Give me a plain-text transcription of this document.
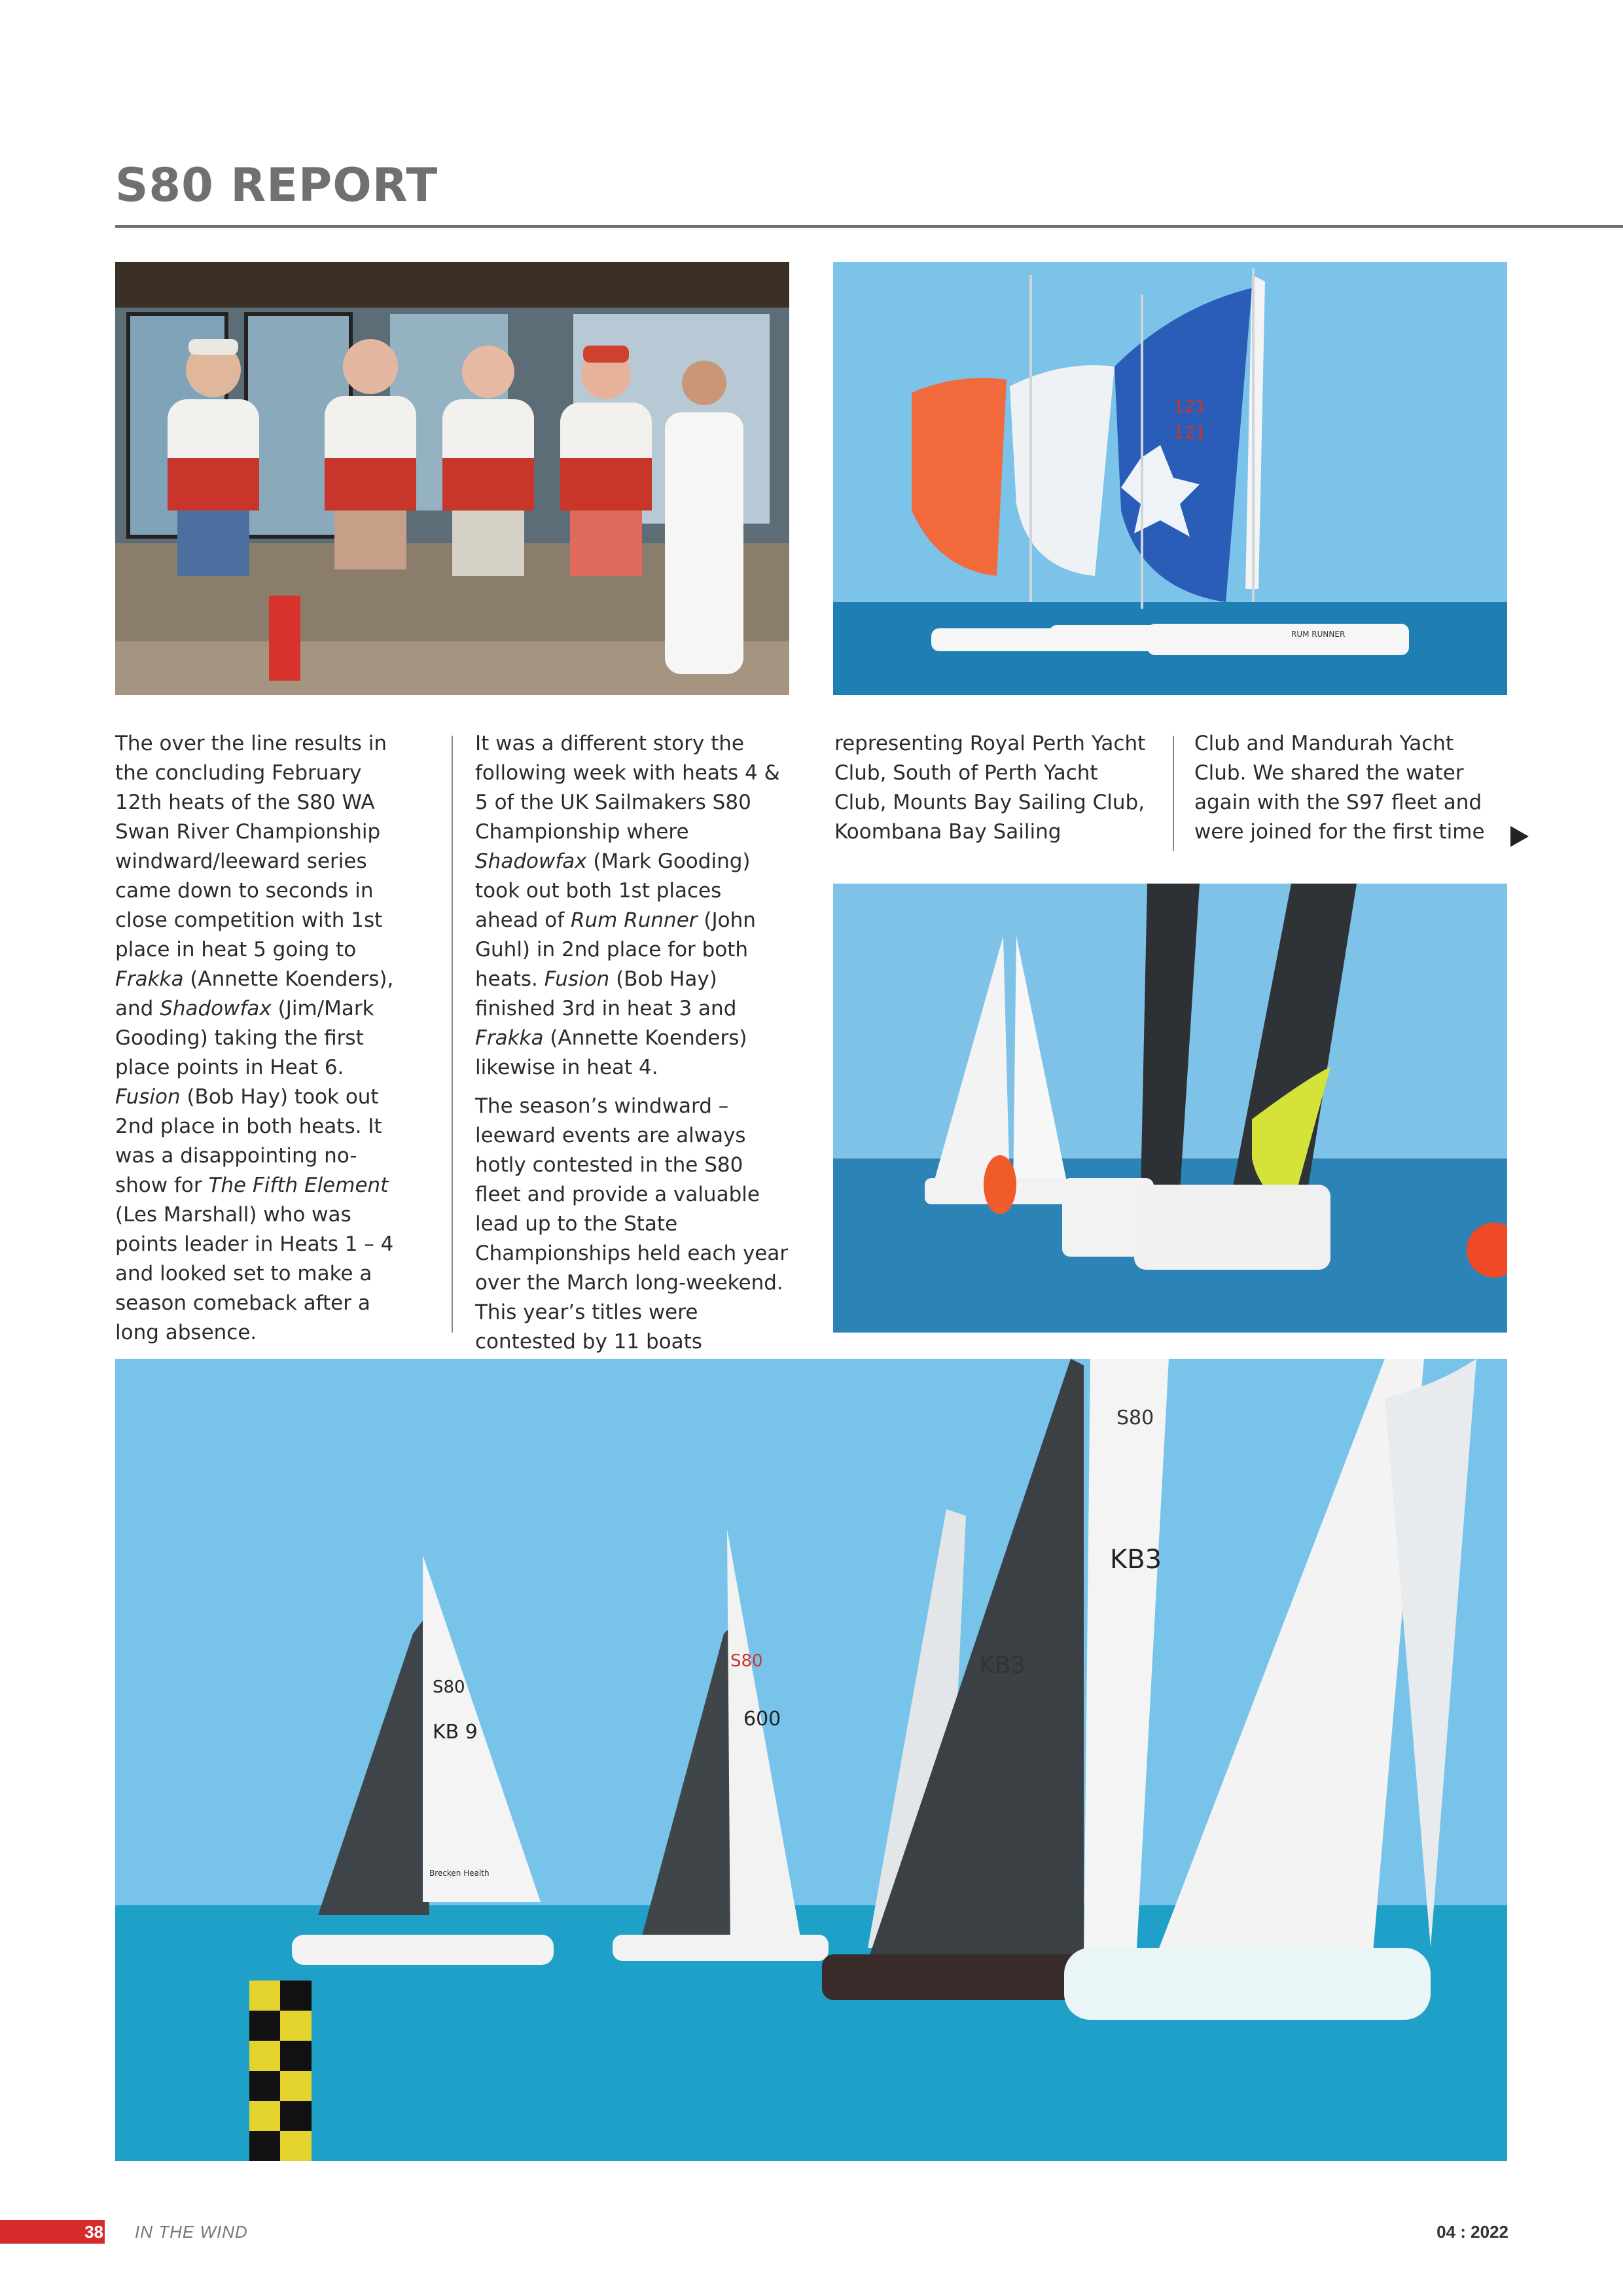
S80 REPORT
121
121
RUM RUNNER

The over the line results in the concluding February 12th heats of the S80 WA Swan River Championship windward/leeward series came down to seconds in close competition with 1st place in heat 5 going to Frakka (Annette Koenders), and Shadowfax (Jim/Mark Gooding) taking the first place points in Heat 6. Fusion (Bob Hay) took out 2nd place in both heats. It was a disappointing no-show for The Fifth Element (Les Marshall) who was points leader in Heats 1 – 4 and looked set to make a season comeback after a long absence.

It was a different story the following week with heats 4 & 5 of the UK Sailmakers S80 Championship where Shadowfax (Mark Gooding) took out both 1st places ahead of Rum Runner (John Guhl) in 2nd place for both heats. Fusion (Bob Hay) finished 3rd in heat 3 and Frakka (Annette Koenders) likewise in heat 4.

The season’s windward – leeward events are always hotly contested in the S80 fleet and provide a valuable lead up to the State Championships held each year over the March long-weekend. This year’s titles were contested by 11 boats

representing Royal Perth Yacht Club, South of Perth Yacht Club, Mounts Bay Sailing Club, Koombana Bay Sailing

Club and Mandurah Yacht Club. We shared the water again with the S97 fleet and were joined for the first time

S80
KB 9
S80
600
KB3
KB3
S80
Brecken Health
38 IN THE WIND	04 : 2022
